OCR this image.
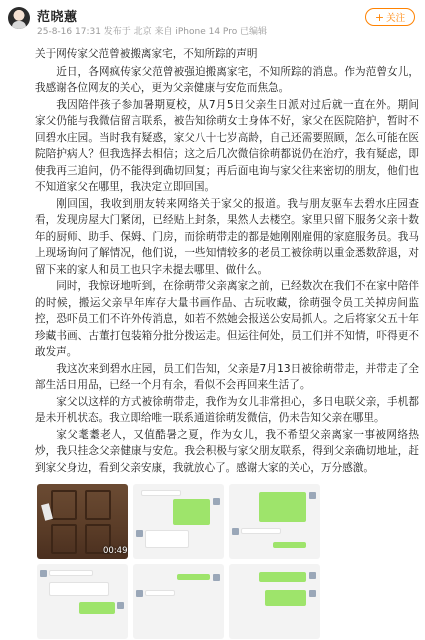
范晓蕙
25-8-16 17:31 发布于 北京 来自 iPhone 14 Pro 已编辑
+ 关注

关于网传家父范曾被搬离家宅，不知所踪的声明

近日，各网疯传家父范曾被强迫搬离家宅，不知所踪的消息。作为范曾女儿，我感谢各位网友的关心，更为父亲健康与安危而焦急。

我因陪伴孩子参加暑期夏校，从7月5日父亲生日派对过后就一直在外。期间家父仍能与我微信留言联系，被告知徐萌女士身体不好，家父在医院陪护，暂时不回碧水庄园。当时我有疑惑，家父八十七岁高龄，自己还需要照顾，怎么可能在医院陪护病人？但我选择去相信；这之后几次微信徐萌都说仍在治疗，我有疑虑，即使我再三追问，仍不能得到确切回复；再后面电询与家父往来密切的朋友，他们也不知道家父在哪里，我决定立即回国。

刚回国，我收到朋友转来网络关于家父的报道。我与朋友驱车去碧水庄园查看，发现房屋大门紧闭，已经贴上封条，果然人去楼空。家里只留下服务父亲十数年的厨师、助手、保姆、门房，而徐萌带走的都是她刚刚雇佣的家庭服务员。我马上现场询问了解情况，他们说，一些知情较多的老员工被徐萌以重金悉数辞退，对留下来的家人和员工也只字未提去哪里、做什么。

同时，我惊讶地听到，在徐萌带父亲离家之前，已经数次在我们不在家中陪伴的时候，搬运父亲早年库存大量书画作品、古玩收藏，徐萌强令员工关掉房间监控，恐吓员工们不许外传消息，如若不然她会报送公安局抓人。之后将家父五十年珍藏书画、古董打包装箱分批分拨运走。但运往何处，员工们并不知情，吓得更不敢发声。

我这次来到碧水庄园，员工们告知，父亲是7月13日被徐萌带走，并带走了全部生活日用品，已经一个月有余，看似不会再回来生活了。

家父以这样的方式被徐萌带走，我作为女儿非常担心，多日电联父亲，手机都是未开机状态。我立即给唯一联系通道徐萌发微信，仍未告知父亲在哪里。

家父耄耋老人，又值酷暑之夏，作为女儿，我不希望父亲离家一事被网络热炒，我只挂念父亲健康与安危。我会积极与家父朋友联系，得到父亲确切地址，赶到家父身边，看到父亲安康，我就放心了。感谢大家的关心，万分感激。

00:49
